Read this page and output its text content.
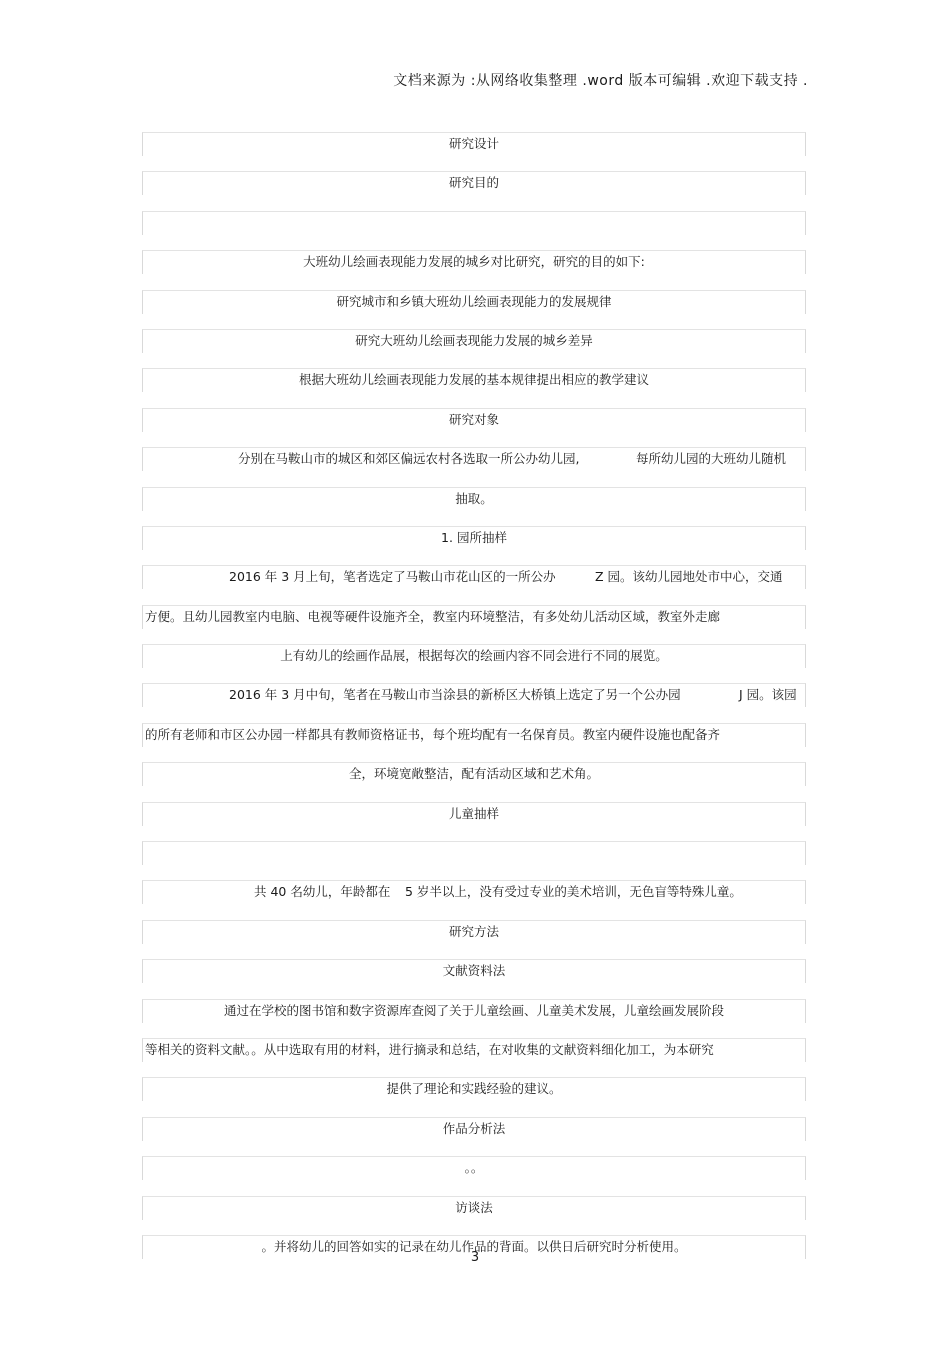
文档来源为 :从网络收集整理 .word 版本可编辑 .欢迎下载支持 .
研究设计
研究目的
大班幼儿绘画表现能力发展的城乡对比研究，研究的目的如下:
研究城市和乡镇大班幼儿绘画表现能力的发展规律
研究大班幼儿绘画表现能力发展的城乡差异
根据大班幼儿绘画表现能力发展的基本规律提出相应的教学建议
研究对象
分别在马鞍山市的城区和郊区偏远农村各选取一所公办幼儿园,	每所幼儿园的大班幼儿随机
抽取。
1. 园所抽样
2016 年 3 月上旬，笔者选定了马鞍山市花山区的一所公办	Z 园。该幼儿园地处市中心，交通
方便。且幼儿园教室内电脑、电视等硬件设施齐全，教室内环境整洁，有多处幼儿活动区域，教室外走廊
上有幼儿的绘画作品展，根据每次的绘画内容不同会进行不同的展览。
2016 年 3 月中旬，笔者在马鞍山市当涂县的新桥区大桥镇上选定了另一个公办园	J 园。该园
的所有老师和市区公办园一样都具有教师资格证书，每个班均配有一名保育员。教室内硬件设施也配备齐
全，环境宽敞整洁，配有活动区域和艺术角。
儿童抽样
共 40 名幼儿，年龄都在 5 岁半以上，没有受过专业的美术培训，无色盲等特殊儿童。
研究方法
文献资料法
通过在学校的图书馆和数字资源库查阅了关于儿童绘画、儿童美术发展，儿童绘画发展阶段
等相关的资料文献。。从中选取有用的材料，进行摘录和总结，在对收集的文献资料细化加工，为本研究
提供了理论和实践经验的建议。
作品分析法
。。
访谈法
。并将幼儿的回答如实的记录在幼儿作品的背面。以供日后研究时分析使用。
3
